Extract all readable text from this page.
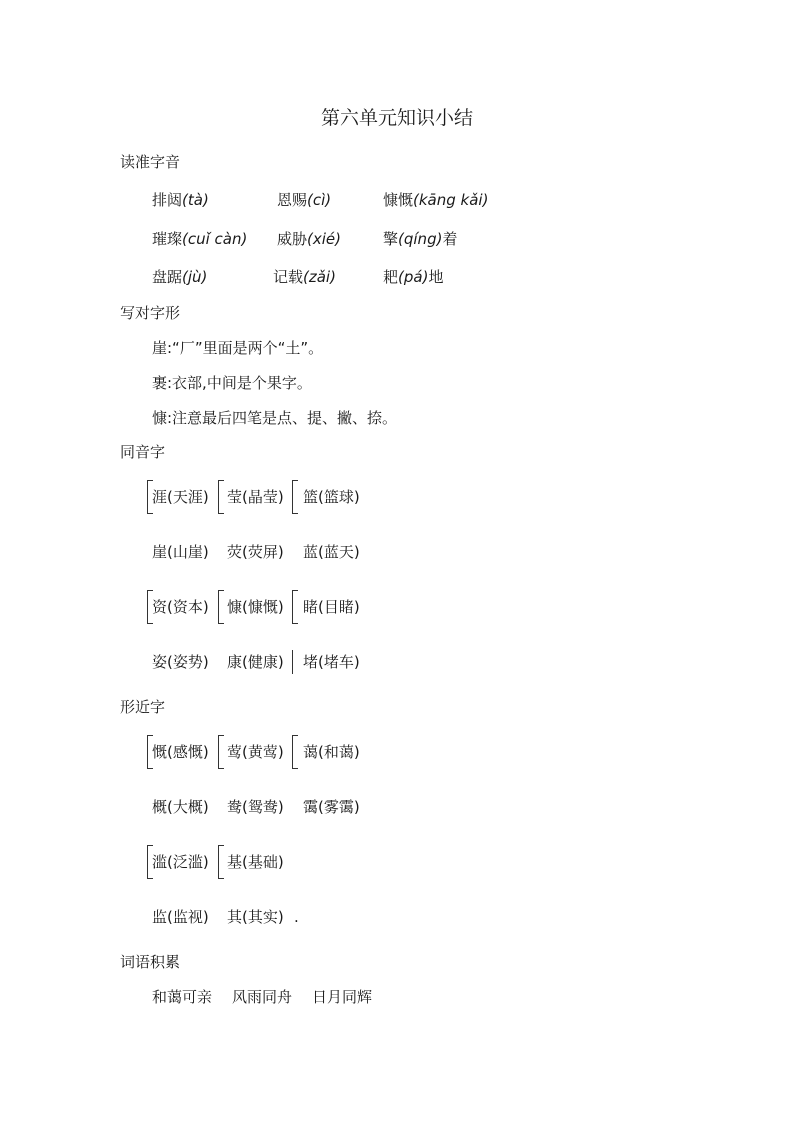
第六单元知识小结
读准字音
排闼(tà)	恩赐(cì)	慷慨(kāng kǎi)
璀璨(cuǐ càn) 威胁(xié)	擎(qíng)着
盘踞(jù)	记载(zǎi)	耙(pá)地
写对字形
崖:“厂”里面是两个“土”。
裹:衣部,中间是个果字。
慷:注意最后四笔是点、提、撇、捺。
同音字
涯(天涯) 莹(晶莹) 篮(篮球)
崖(山崖) 荧(荧屏) 蓝(蓝天)
资(资本) 慷(慷慨) 睹(目睹)
姿(姿势) 康(健康) 堵(堵车)
形近字
慨(感慨) 莺(黄莺) 蔼(和蔼)
概(大概) 鸯(鸳鸯) 霭(雾霭)
滥(泛滥) 基(基础)
监(监视) 其(其实) .
词语积累
和蔼可亲 风雨同舟 日月同辉
